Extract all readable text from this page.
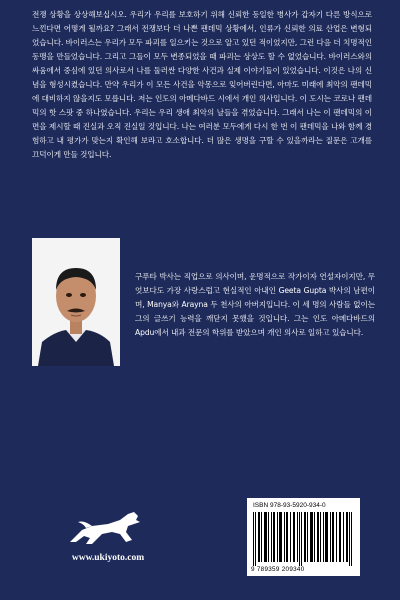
전쟁 상황을 상상해보십시오. 우리가 우리를 보호하기 위해 신뢰한 동일한 병사가 갑자기 다른 방식으로 느낀다면 어떻게 될까요? 그래서 전쟁보다 더 나쁜 팬데믹 상황에서, 인류가 신뢰한 의료 산업은 변형되었습니다. 바이러스는 우리가 모두 파괴를 일으키는 것으로 알고 있던 적이었지만, 그런 다음 더 치명적인 동맹을 만들었습니다. 그리고 그들이 모두 변종되었을 때 파괴는 상상도 할 수 없었습니다. 바이러스와의 싸움에서 중심에 있던 의사로서 나를 둘러싼 다양한 사건과 실제 이야기들이 있었습니다. 이것은 나의 신념을 형성시켰습니다. 만약 우리가 이 모든 사건을 악몽으로 잊어버린다면, 아마도 미래에 최악의 팬데믹에 대비하지 않을지도 모릅니다. 저는 인도의 아메다바드 시에서 개인 의사입니다. 이 도시는 코로나 팬데믹의 핫 스팟 중 하나였습니다. 우리는 우리 생애 최악의 날들을 겪었습니다. 그래서 나는 이 팬데믹의 이 면을 제시할 때 진실과 오직 진실일 것입니다. 나는 여러분 모두에게 다시 한 번 이 팬데믹을 나와 함께 경험하고 내 평가가 맞는지 확인해 보라고 호소합니다. 더 많은 생명을 구할 수 있을까라는 질문은 고개를 끄덕이게 만들 것입니다.
구푸타 박사는 직업으로 의사이며, 운명적으로 작가이자 연설자이지만, 무엇보다도 가장 사랑스럽고 현실적인 아내인 Geeta Gupta 박사의 남편이며, Manya와 Arayna 두 천사의 아버지입니다. 이 세 명의 사람들 없이는 그의 글쓰기 능력을 깨닫지 못했을 것입니다. 그는 인도 아메다바드의 Apdu에서 내과 전문의 학위를 받았으며 개인 의사로 일하고 있습니다.
www.ukiyoto.com
ISBN 978-93-5920-934-0
9 789359 209340
